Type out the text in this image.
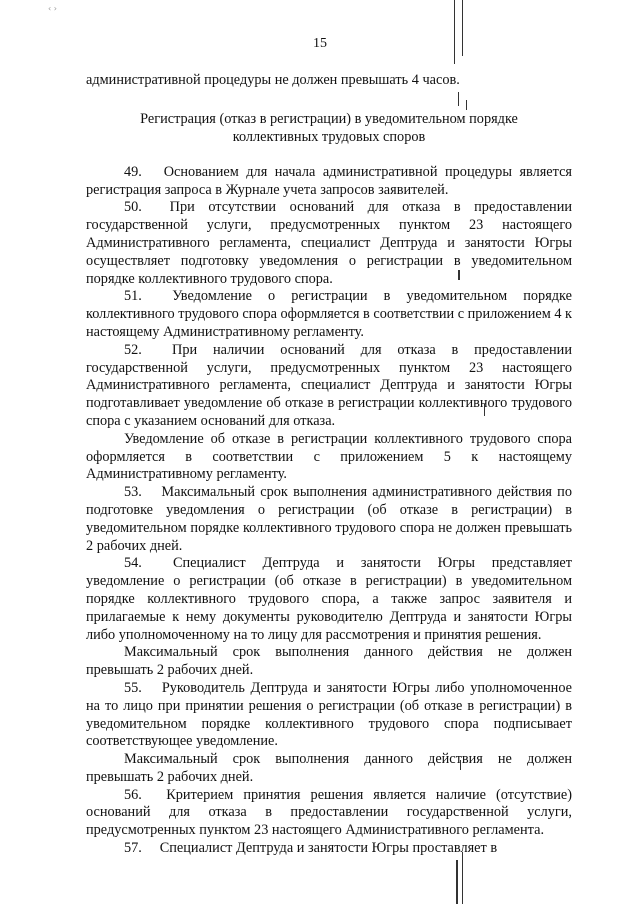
‹ ›
15

административной процедуры не должен превышать 4 часов.

Регистрация (отказ в регистрации) в уведомительном порядке
коллективных трудовых споров

49.  Основанием для начала административной процедуры является регистрация запроса в Журнале учета запросов заявителей.

50.  При отсутствии оснований для отказа в предоставлении государственной услуги, предусмотренных пунктом 23 настоящего Административного регламента, специалист Дептруда и занятости Югры осуществляет подготовку уведомления о регистрации в уведомительном порядке коллективного трудового спора.

51.  Уведомление о регистрации в уведомительном порядке коллективного трудового спора оформляется в соответствии с приложением 4 к настоящему Административному регламенту.

52.  При наличии оснований для отказа в предоставлении государственной услуги, предусмотренных пунктом 23 настоящего Административного регламента, специалист Дептруда и занятости Югры подготавливает уведомление об отказе в регистрации коллективного трудового спора с указанием оснований для отказа.

Уведомление об отказе в регистрации коллективного трудового спора оформляется в соответствии с приложением 5 к настоящему Административному регламенту.

53.  Максимальный срок выполнения административного действия по подготовке уведомления о регистрации (об отказе в регистрации) в уведомительном порядке коллективного трудового спора не должен превышать 2 рабочих дней.

54.  Специалист Дептруда и занятости Югры представляет уведомление о регистрации (об отказе в регистрации) в уведомительном порядке коллективного трудового спора, а также запрос заявителя и прилагаемые к нему документы руководителю Дептруда и занятости Югры либо уполномоченному на то лицу для рассмотрения и принятия решения.

Максимальный срок выполнения данного действия не должен превышать 2 рабочих дней.

55.  Руководитель Дептруда и занятости Югры либо уполномоченное на то лицо при принятии решения о регистрации (об отказе в регистрации) в уведомительном порядке коллективного трудового спора подписывает соответствующее уведомление.

Максимальный срок выполнения данного действия не должен превышать 2 рабочих дней.

56.  Критерием принятия решения является наличие (отсутствие) оснований для отказа в предоставлении государственной услуги, предусмотренных пунктом 23 настоящего Административного регламента.

57.  Специалист Дептруда и занятости Югры проставляет в
